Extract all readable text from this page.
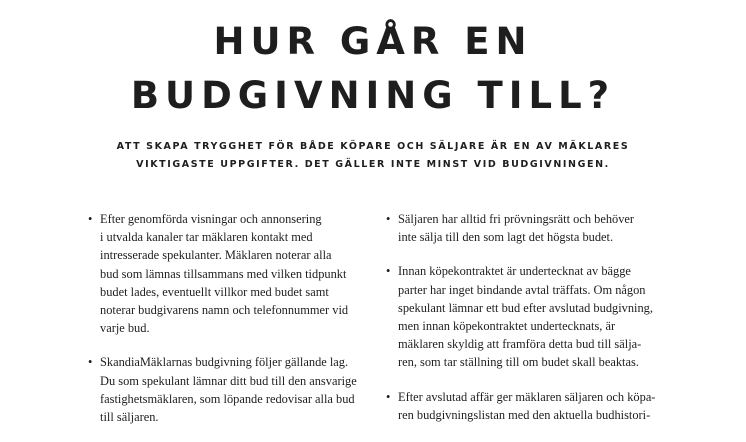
HUR GÅR EN
BUDGIVNING TILL?

ATT SKAPA TRYGGHET FÖR BÅDE KÖPARE OCH SÄLJARE ÄR EN AV MÄKLARES

VIKTIGASTE UPPGIFTER. DET GÄLLER INTE MINST VID BUDGIVNINGEN.

• Efter genomförda visningar och annonsering
i utvalda kanaler tar mäklaren kontakt med
intresserade spekulanter. Mäklaren noterar alla
bud som lämnas tillsammans med vilken tidpunkt
budet lades, eventuellt villkor med budet samt
noterar budgivarens namn och telefonnummer vid
varje bud.
• SkandiaMäklarnas budgivning följer gällande lag.
Du som spekulant lämnar ditt bud till den ansvarige
fastighetsmäklaren, som löpande redovisar alla bud
till säljaren.
• Säljaren har alltid fri prövningsrätt och behöver
inte sälja till den som lagt det högsta budet.
• Innan köpekontraktet är undertecknat av bägge
parter har inget bindande avtal träffats. Om någon
spekulant lämnar ett bud efter avslutad budgivning,
men innan köpekontraktet undertecknats, är
mäklaren skyldig att framföra detta bud till sälja-
ren, som tar ställning till om budet skall beaktas.
• Efter avslutad affär ger mäklaren säljaren och köpa-
ren budgivningslistan med den aktuella budhistori-
